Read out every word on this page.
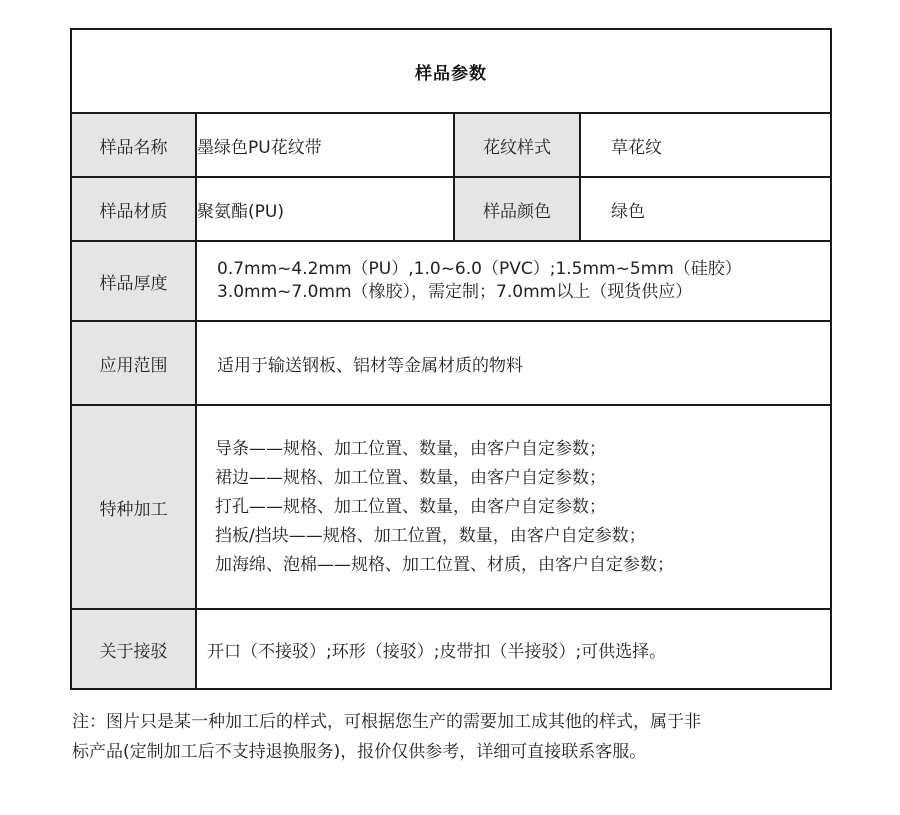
样品参数			
样品名称	墨绿色PU花纹带	花纹样式	草花纹
样品材质	聚氨酯(PU)	样品颜色	绿色
样品厚度	0.7mm~4.2mm（PU）,1.0~6.0（PVC）;1.5mm~5mm（硅胶）
3.0mm~7.0mm（橡胶），需定制；7.0mm以上（现货供应）		

应用范围	适用于输送钢板、铝材等金属材质的物料		
特种加工	导条——规格、加工位置、数量，由客户自定参数；
裙边——规格、加工位置、数量，由客户自定参数；
打孔——规格、加工位置、数量，由客户自定参数；
挡板/挡块——规格、加工位置，数量，由客户自定参数；
加海绵、泡棉——规格、加工位置、材质，由客户自定参数；		

关于接驳	开口（不接驳）;环形（接驳）;皮带扣（半接驳）;可供选择。		
注：图片只是某一种加工后的样式，可根据您生产的需要加工成其他的样式，属于非
标产品(定制加工后不支持退换服务)，报价仅供参考，详细可直接联系客服。
